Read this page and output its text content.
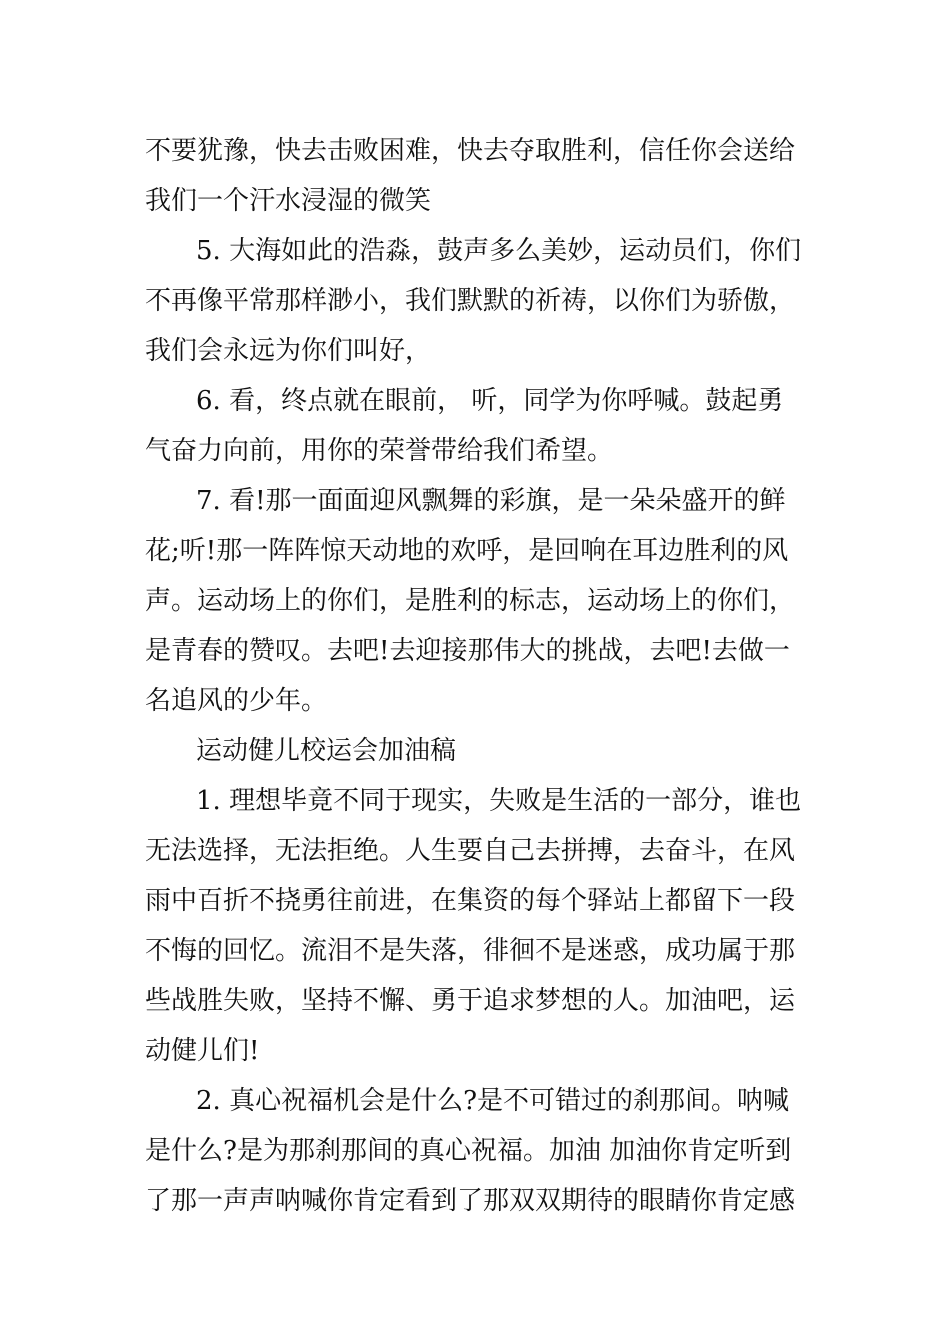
不要犹豫，快去击败困难，快去夺取胜利，信任你会送给
我们一个汗水浸湿的微笑
5. 大海如此的浩淼，鼓声多么美妙，运动员们，你们
不再像平常那样渺小，我们默默的祈祷，以你们为骄傲，
我们会永远为你们叫好，
6. 看，终点就在眼前， 听，同学为你呼喊。鼓起勇
气奋力向前，用你的荣誉带给我们希望。
7. 看!那一面面迎风飘舞的彩旗，是一朵朵盛开的鲜
花;听!那一阵阵惊天动地的欢呼，是回响在耳边胜利的风
声。运动场上的你们，是胜利的标志，运动场上的你们，
是青春的赞叹。去吧!去迎接那伟大的挑战，去吧!去做一
名追风的少年。
运动健儿校运会加油稿
1. 理想毕竟不同于现实，失败是生活的一部分，谁也
无法选择，无法拒绝。人生要自己去拼搏，去奋斗，在风
雨中百折不挠勇往前进，在集资的每个驿站上都留下一段
不悔的回忆。流泪不是失落，徘徊不是迷惑，成功属于那
些战胜失败，坚持不懈、勇于追求梦想的人。加油吧，运
动健儿们!
2. 真心祝福机会是什么?是不可错过的刹那间。呐喊
是什么?是为那刹那间的真心祝福。加油 加油你肯定听到
了那一声声呐喊你肯定看到了那双双期待的眼睛你肯定感
